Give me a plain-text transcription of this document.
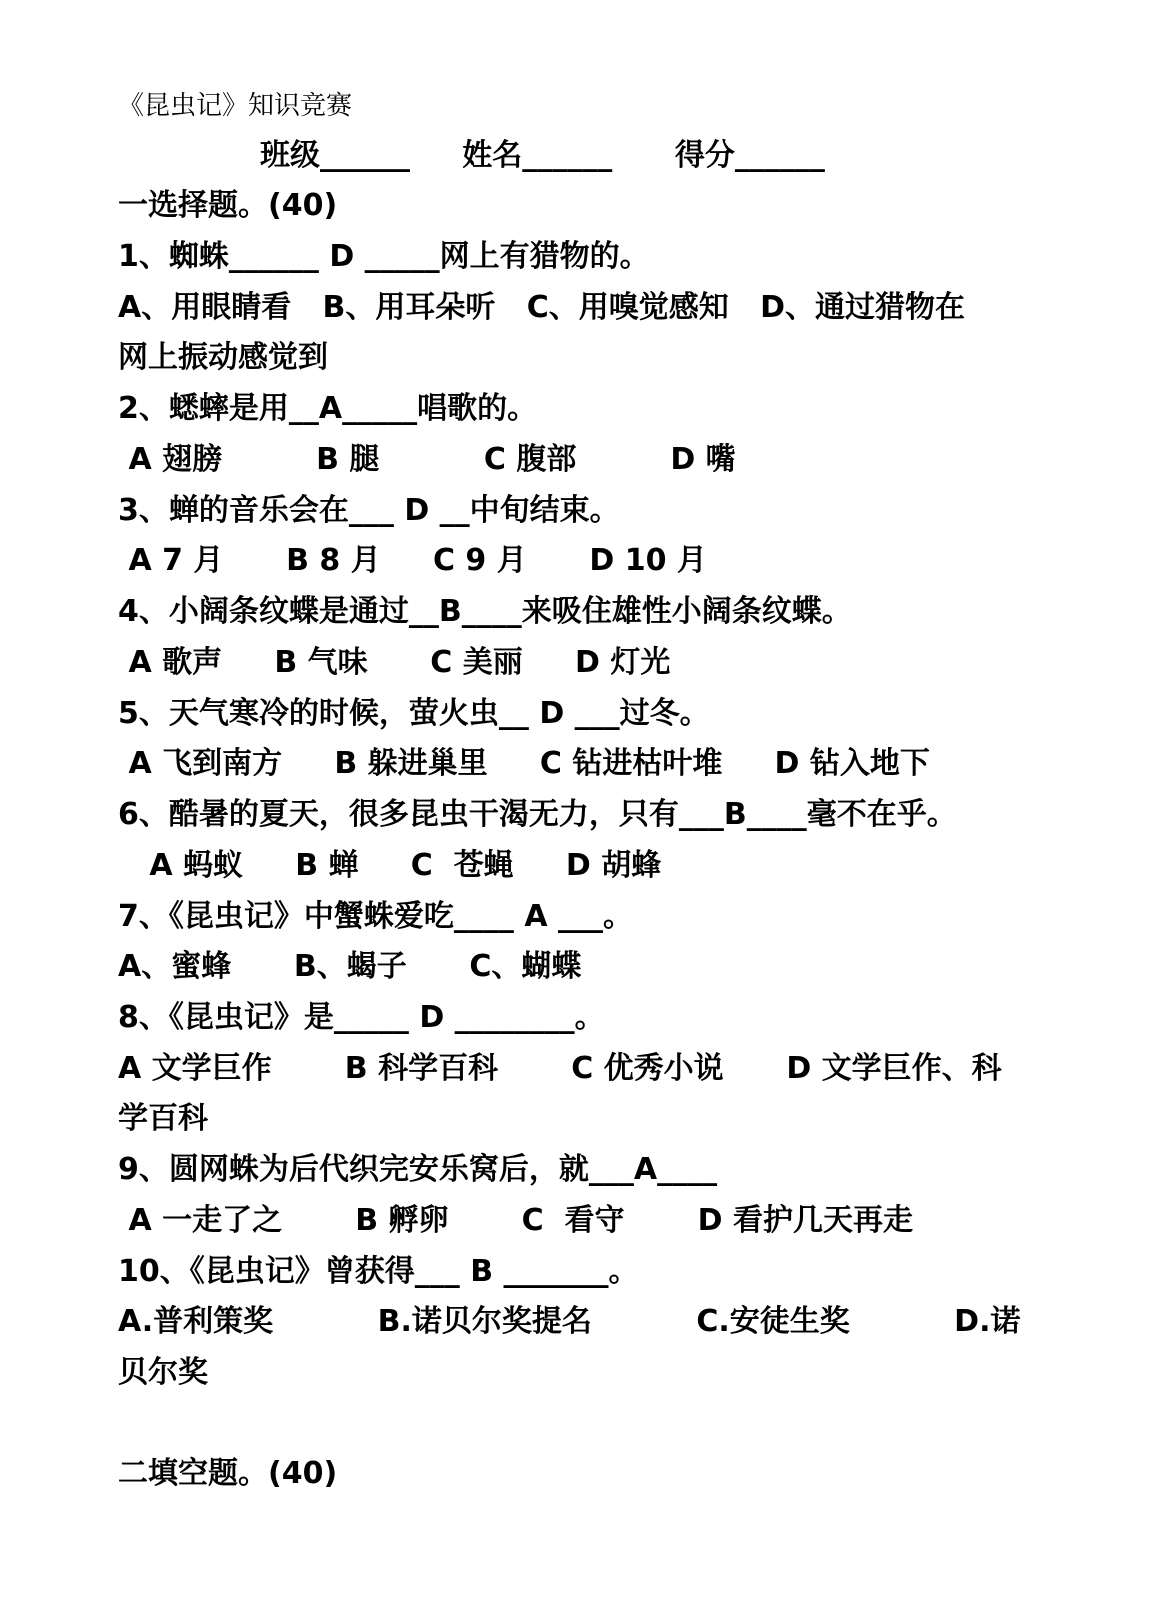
《昆虫记》知识竞赛
班级______     姓名______      得分______
一选择题。(40)
1、蜘蛛______ D _____网上有猎物的。
A、用眼睛看   B、用耳朵听   C、用嗅觉感知   D、通过猎物在
网上振动感觉到
2、蟋蟀是用__A_____唱歌的。
A 翅膀         B 腿          C 腹部         D 嘴
3、蝉的音乐会在___ D __中旬结束。
A 7 月      B 8 月     C 9 月      D 10 月
4、小阔条纹蝶是通过__B____来吸住雄性小阔条纹蝶。
A 歌声     B 气味      C 美丽     D 灯光
5、天气寒冷的时候，萤火虫__ D ___过冬。
A 飞到南方     B 躲进巢里     C 钻进枯叶堆     D 钻入地下
6、酷暑的夏天，很多昆虫干渴无力，只有___B____毫不在乎。
A 蚂蚁     B 蝉     C  苍蝇     D 胡蜂
7、《昆虫记》中蟹蛛爱吃____ A ___。
A、蜜蜂      B、蝎子      C、蝴蝶
8、《昆虫记》是_____ D ________。
A 文学巨作       B 科学百科       C 优秀小说      D 文学巨作、科
学百科
9、圆网蛛为后代织完安乐窝后，就___A____
A 一走了之       B 孵卵       C  看守       D 看护几天再走
10、《昆虫记》曾获得___ B _______。
A.普利策奖          B.诺贝尔奖提名          C.安徒生奖          D.诺
贝尔奖
二填空题。(40)
